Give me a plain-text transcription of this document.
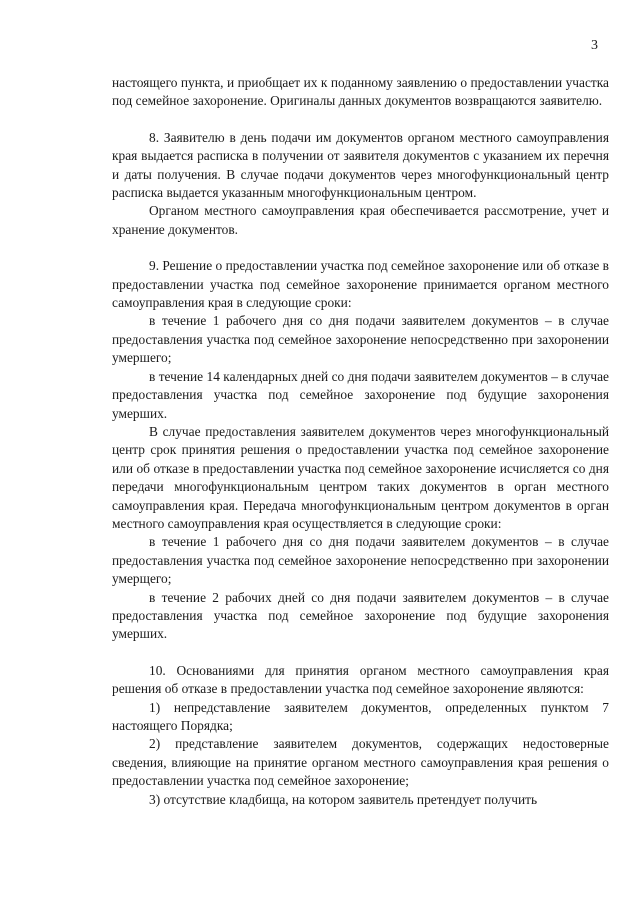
3

настоящего пункта, и приобщает их к поданному заявлению о предоставлении участка под семейное захоронение. Оригиналы данных документов возвращаются заявителю.

8. Заявителю в день подачи им документов органом местного самоуправления края выдается расписка в получении от заявителя документов с указанием их перечня и даты получения. В случае подачи документов через многофункциональный центр расписка выдается указанным многофункциональным центром.

Органом местного самоуправления края обеспечивается рассмотрение, учет и хранение документов.

9. Решение о предоставлении участка под семейное захоронение или об отказе в предоставлении участка под семейное захоронение принимается органом местного самоуправления края в следующие сроки:

в течение 1 рабочего дня со дня подачи заявителем документов – в случае предоставления участка под семейное захоронение непосредственно при захоронении умершего;

в течение 14 календарных дней со дня подачи заявителем документов – в случае предоставления участка под семейное захоронение под будущие захоронения умерших.

В случае предоставления заявителем документов через многофункциональный центр срок принятия решения о предоставлении участка под семейное захоронение или об отказе в предоставлении участка под семейное захоронение исчисляется со дня передачи многофункциональным центром таких документов в орган местного самоуправления края. Передача многофункциональным центром документов в орган местного самоуправления края осуществляется в следующие сроки:

в течение 1 рабочего дня со дня подачи заявителем документов – в случае предоставления участка под семейное захоронение непосредственно при захоронении умерщего;

в течение 2 рабочих дней со дня подачи заявителем документов – в случае предоставления участка под семейное захоронение под будущие захоронения умерших.

10. Основаниями для принятия органом местного самоуправления края решения об отказе в предоставлении участка под семейное захоронение являются:

1) непредставление заявителем документов, определенных пунктом 7 настоящего Порядка;

2) представление заявителем документов, содержащих недостоверные сведения, влияющие на принятие органом местного самоуправления края решения о предоставлении участка под семейное захоронение;

3) отсутствие кладбища, на котором заявитель претендует получить
